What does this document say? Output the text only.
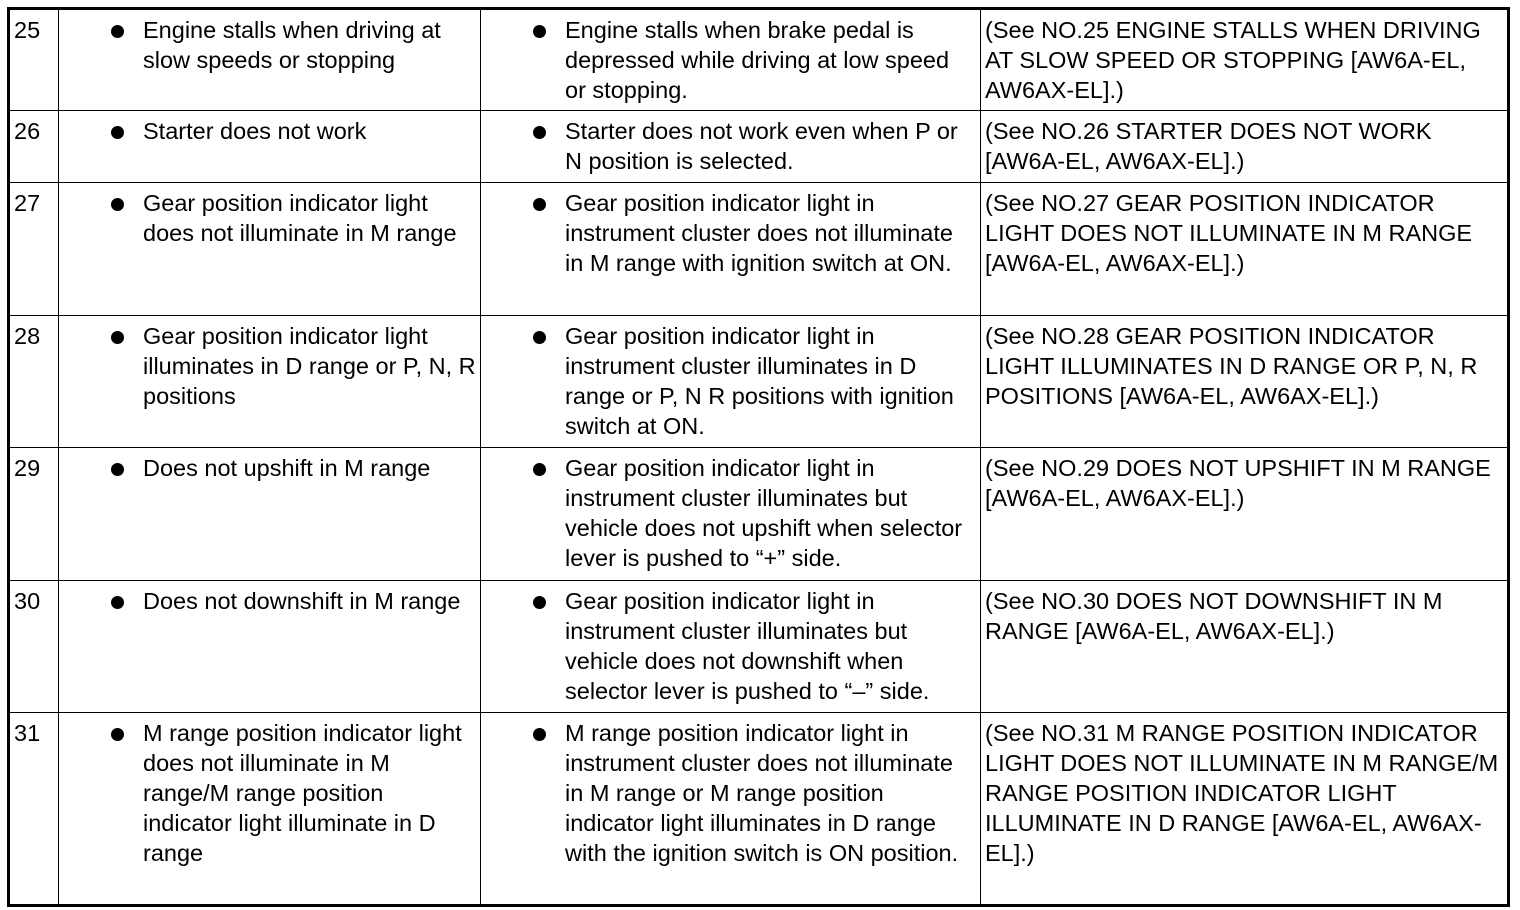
25	Engine stalls when driving at slow speeds or stopping	Engine stalls when brake pedal is depressed while driving at low speed or stopping.	(See NO.25 ENGINE STALLS WHEN DRIVING AT SLOW SPEED OR STOPPING [AW6A-EL, AW6AX-EL].)
26	Starter does not work	Starter does not work even when P or N position is selected.	(See NO.26 STARTER DOES NOT WORK [AW6A-EL, AW6AX-EL].)
27	Gear position indicator light does not illuminate in M range	Gear position indicator light in instrument cluster does not illuminate in M range with ignition switch at ON.	(See NO.27 GEAR POSITION INDICATOR LIGHT DOES NOT ILLUMINATE IN M RANGE [AW6A-EL, AW6AX-EL].)
28	Gear position indicator light illuminates in D range or P, N, R positions	Gear position indicator light in instrument cluster illuminates in D range or P, N R positions with ignition switch at ON.	(See NO.28 GEAR POSITION INDICATOR LIGHT ILLUMINATES IN D RANGE OR P, N, R POSITIONS [AW6A-EL, AW6AX-EL].)
29	Does not upshift in M range	Gear position indicator light in instrument cluster illuminates but vehicle does not upshift when selector lever is pushed to “+” side.	(See NO.29 DOES NOT UPSHIFT IN M RANGE [AW6A-EL, AW6AX-EL].)
30	Does not downshift in M range	Gear position indicator light in instrument cluster illuminates but vehicle does not downshift when selector lever is pushed to “–” side.	(See NO.30 DOES NOT DOWNSHIFT IN M RANGE [AW6A-EL, AW6AX-EL].)
31	M range position indicator light does not illuminate in M range/M range position indicator light illuminate in D range	M range position indicator light in instrument cluster does not illuminate in M range or M range position indicator light illuminates in D range with the ignition switch is ON position.	(See NO.31 M RANGE POSITION INDICATOR LIGHT DOES NOT ILLUMINATE IN M RANGE/M RANGE POSITION INDICATOR LIGHT ILLUMINATE IN D RANGE [AW6A-EL, AW6AX-EL].)
